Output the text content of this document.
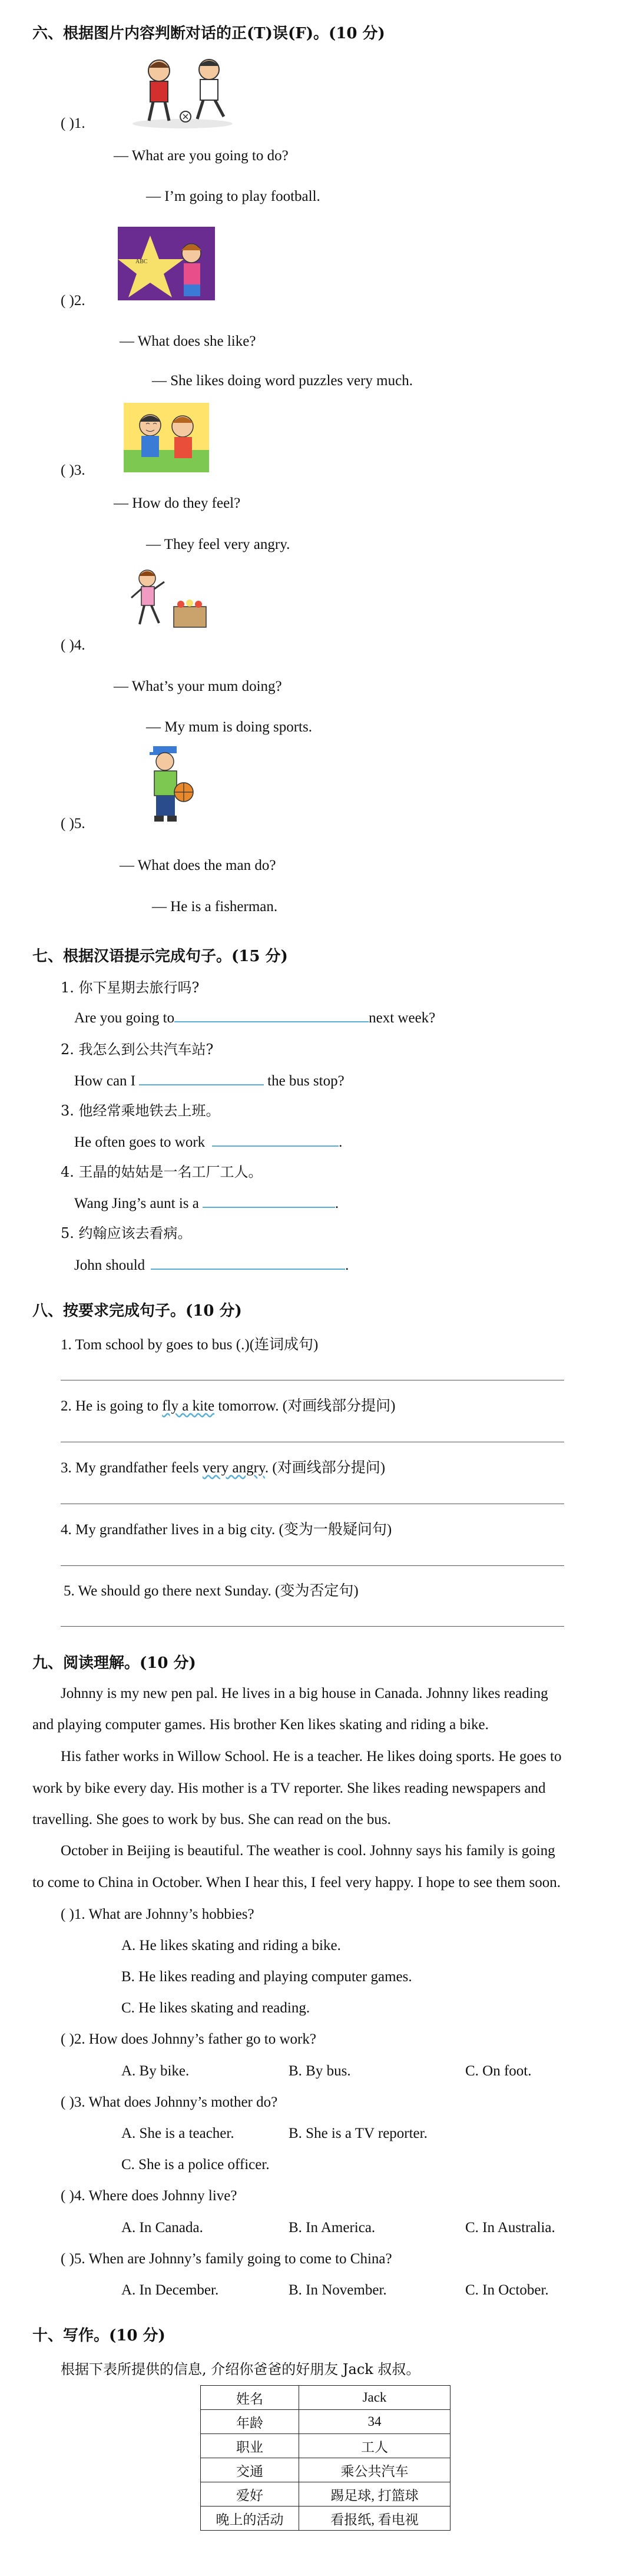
六、根据图片内容判断对话的正(T)误(F)。(10 分)
( )1.
— What are you going to do?
— I’m going to play football.
ABC
( )2.
— What does she like?
— She likes doing word puzzles very much.
( )3.
— How do they feel?
— They feel very angry.
( )4.
— What’s your mum doing?
— My mum is doing sports.
( )5.
— What does the man do?
— He is a fisherman.
七、根据汉语提示完成句子。(15 分)
1. 你下星期去旅行吗?
Are you going to	next week?
2. 我怎么到公共汽车站?
How can I	the bus stop?
3. 他经常乘地铁去上班。
He often goes to work	.
4. 王晶的姑姑是一名工厂工人。
Wang Jing’s aunt is a	.
5. 约翰应该去看病。
John should	.
八、按要求完成句子。(10 分)
1. Tom school by goes to bus (.)(连词成句)
2. He is going to fly a kite tomorrow. (对画线部分提问)
3. My grandfather feels very angry. (对画线部分提问)
4. My grandfather lives in a big city. (变为一般疑问句)
5. We should go there next Sunday. (变为否定句)
九、阅读理解。(10 分)
Johnny is my new pen pal. He lives in a big house in Canada. Johnny likes reading
and playing computer games. His brother Ken likes skating and riding a bike.
His father works in Willow School. He is a teacher. He likes doing sports. He goes to
work by bike every day. His mother is a TV reporter. She likes reading newspapers and
travelling. She goes to work by bus. She can read on the bus.
October in Beijing is beautiful. The weather is cool. Johnny says his family is going
to come to China in October. When I hear this, I feel very happy. I hope to see them soon.
( )1. What are Johnny’s hobbies?
A. He likes skating and riding a bike.
B. He likes reading and playing computer games.
C. He likes skating and reading.
( )2. How does Johnny’s father go to work?
A. By bike.	B. By bus.	C. On foot.
( )3. What does Johnny’s mother do?
A. She is a teacher.	B. She is a TV reporter.
C. She is a police officer.
( )4. Where does Johnny live?
A. In Canada.	B. In America.	C. In Australia.
( )5. When are Johnny’s family going to come to China?
A. In December.	B. In November.	C. In October.
十、写作。(10 分)
根据下表所提供的信息, 介绍你爸爸的好朋友 Jack 叔叔。
姓名	Jack
年龄	34
职业	工人
交通	乘公共汽车
爱好	踢足球, 打篮球
晚上的活动	看报纸, 看电视
